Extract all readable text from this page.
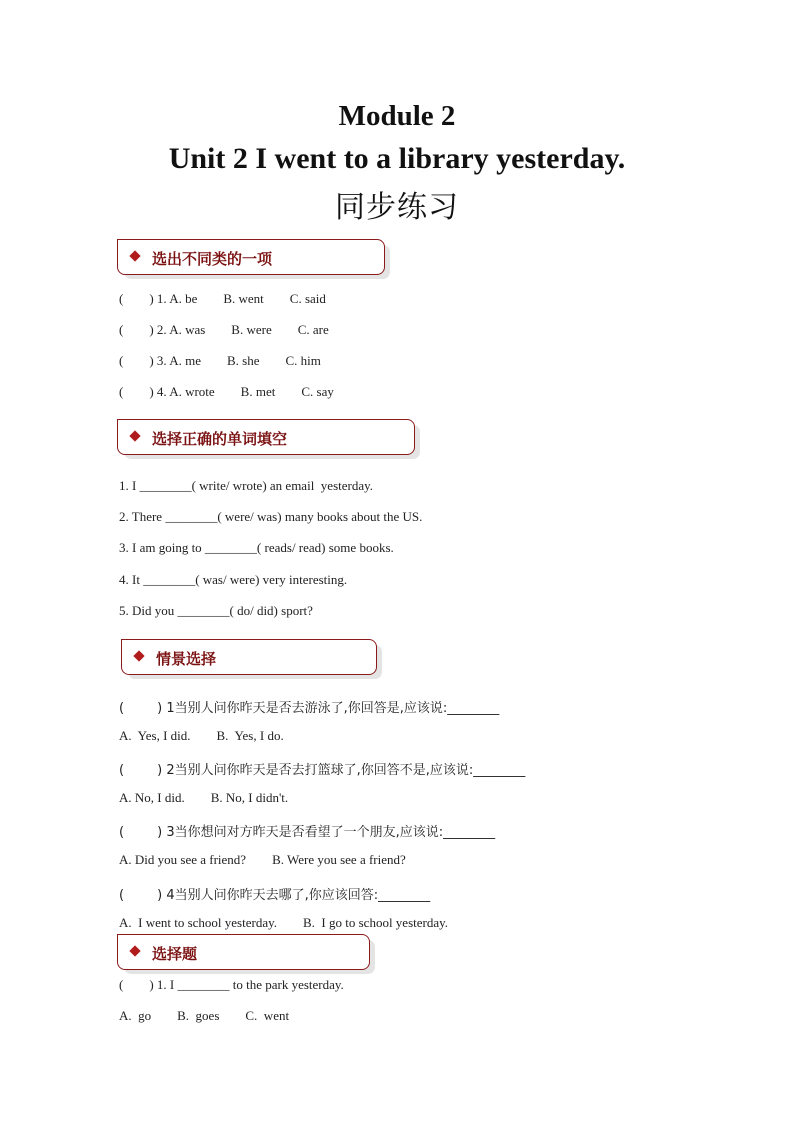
Module 2
Unit 2 I went to a library yesterday.
同步练习
选出不同类的一项
(        ) 1. A. be        B. went        C. said
(        ) 2. A. was        B. were        C. are
(        ) 3. A. me        B. she        C. him
(        ) 4. A. wrote        B. met        C. say
选择正确的单词填空
1. I ________( write/ wrote) an email  yesterday.
2. There ________( were/ was) many books about the US.
3. I am going to ________( reads/ read) some books.
4. It ________( was/ were) very interesting.
5. Did you ________( do/ did) sport?
情景选择
(        ) 1当别人问你昨天是否去游泳了,你回答是,应该说:________
A.  Yes, I did.        B.  Yes, I do.
(        ) 2当别人问你昨天是否去打篮球了,你回答不是,应该说:________
A. No, I did.        B. No, I didn't.
(        ) 3当你想问对方昨天是否看望了一个朋友,应该说:________
A. Did you see a friend?        B. Were you see a friend?
(        ) 4当别人问你昨天去哪了,你应该回答:________
A.  I went to school yesterday.        B.  I go to school yesterday.
选择题
(        ) 1. I ________ to the park yesterday.
A.  go        B.  goes        C.  went
